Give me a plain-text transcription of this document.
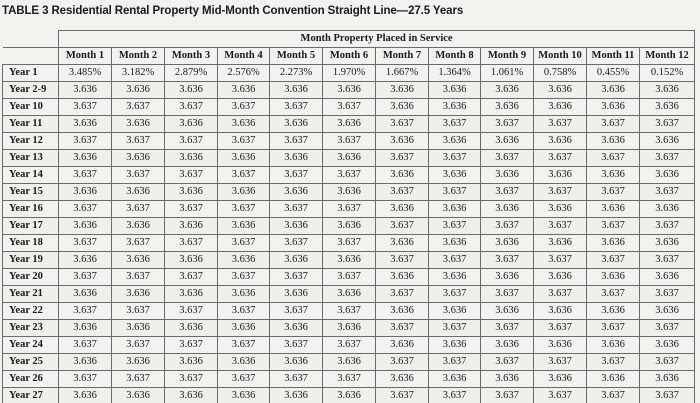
TABLE 3 Residential Rental Property Mid-Month Convention Straight Line—27.5 Years
	Month Property Placed in Service											
	Month 1	Month 2	Month 3	Month 4	Month 5	Month 6	Month 7	Month 8	Month 9	Month 10	Month 11	Month 12
Year 1	3.485%	3.182%	2.879%	2.576%	2.273%	1.970%	1.667%	1.364%	1.061%	0.758%	0.455%	0.152%
Year 2-9	3.636	3.636	3.636	3.636	3.636	3.636	3.636	3.636	3.636	3.636	3.636	3.636
Year 10	3.637	3.637	3.637	3.637	3.637	3.637	3.636	3.636	3.636	3.636	3.636	3.636
Year 11	3.636	3.636	3.636	3.636	3.636	3.636	3.637	3.637	3.637	3.637	3.637	3.637
Year 12	3.637	3.637	3.637	3.637	3.637	3.637	3.636	3.636	3.636	3.636	3.636	3.636
Year 13	3.636	3.636	3.636	3.636	3.636	3.636	3.637	3.637	3.637	3.637	3.637	3.637
Year 14	3.637	3.637	3.637	3.637	3.637	3.637	3.636	3.636	3.636	3.636	3.636	3.636
Year 15	3.636	3.636	3.636	3.636	3.636	3.636	3.637	3.637	3.637	3.637	3.637	3.637
Year 16	3.637	3.637	3.637	3.637	3.637	3.637	3.636	3.636	3.636	3.636	3.636	3.636
Year 17	3.636	3.636	3.636	3.636	3.636	3.636	3.637	3.637	3.637	3.637	3.637	3.637
Year 18	3.637	3.637	3.637	3.637	3.637	3.637	3.636	3.636	3.636	3.636	3.636	3.636
Year 19	3.636	3.636	3.636	3.636	3.636	3.636	3.637	3.637	3.637	3.637	3.637	3.637
Year 20	3.637	3.637	3.637	3.637	3.637	3.637	3.636	3.636	3.636	3.636	3.636	3.636
Year 21	3.636	3.636	3.636	3.636	3.636	3.636	3.637	3.637	3.637	3.637	3.637	3.637
Year 22	3.637	3.637	3.637	3.637	3.637	3.637	3.636	3.636	3.636	3.636	3.636	3.636
Year 23	3.636	3.636	3.636	3.636	3.636	3.636	3.637	3.637	3.637	3.637	3.637	3.637
Year 24	3.637	3.637	3.637	3.637	3.637	3.637	3.636	3.636	3.636	3.636	3.636	3.636
Year 25	3.636	3.636	3.636	3.636	3.636	3.636	3.637	3.637	3.637	3.637	3.637	3.637
Year 26	3.637	3.637	3.637	3.637	3.637	3.637	3.636	3.636	3.636	3.636	3.636	3.636
Year 27	3.636	3.636	3.636	3.636	3.636	3.636	3.637	3.637	3.637	3.637	3.637	3.637
